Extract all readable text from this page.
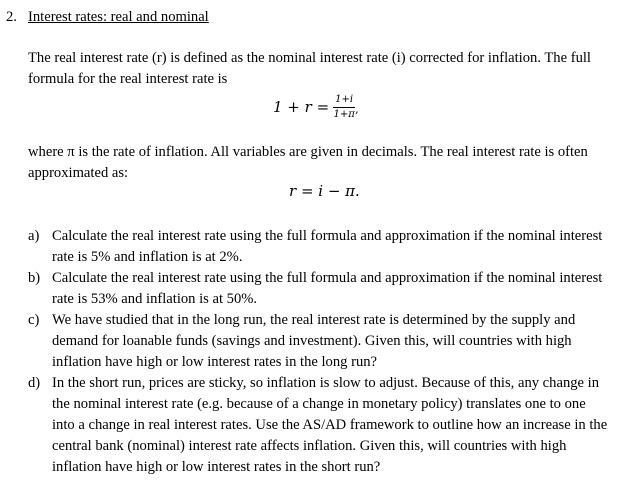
2. Interest rates: real and nominal
The real interest rate (r) is defined as the nominal interest rate (i) corrected for inflation. The full formula for the real interest rate is
$1 + r = \frac{1+i}{1+\pi}$ ,
where π is the rate of inflation. All variables are given in decimals. The real interest rate is often approximated as:
r = i − π.
a) Calculate the real interest rate using the full formula and approximation if the nominal interest rate is 5% and inflation is at 2%.
b) Calculate the real interest rate using the full formula and approximation if the nominal interest rate is 53% and inflation is at 50%.
c) We have studied that in the long run, the real interest rate is determined by the supply and demand for loanable funds (savings and investment). Given this, will countries with high inflation have high or low interest rates in the long run?
d) In the short run, prices are sticky, so inflation is slow to adjust. Because of this, any change in the nominal interest rate (e.g. because of a change in monetary policy) translates one to one into a change in real interest rates. Use the AS/AD framework to outline how an increase in the central bank (nominal) interest rate affects inflation. Given this, will countries with high inflation have high or low interest rates in the short run?
